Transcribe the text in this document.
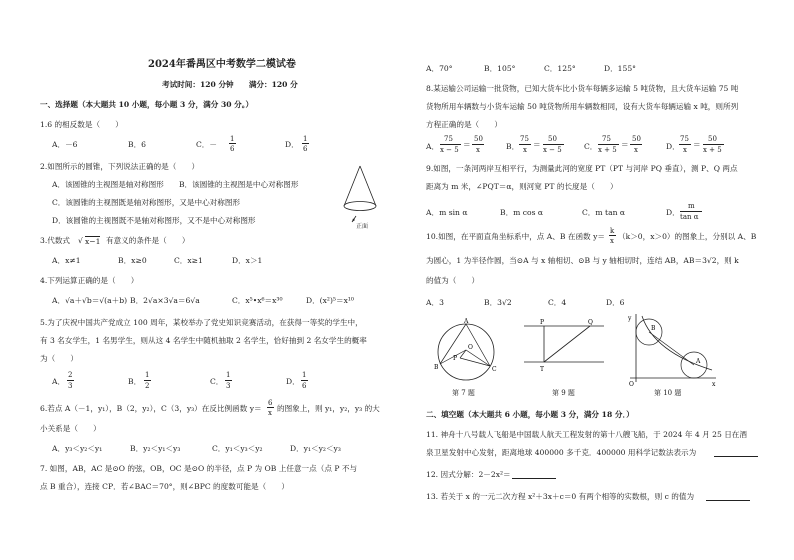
2024年番禺区中考数学二模试卷
考试时间：120 分钟　　满分：120 分
一、选择题（本大题共 10 小题，每小题 3 分，满分 30 分。）
1.6 的相反数是（　　）
A．－6	B．6	C．－
1
6	D．
1
6
2.如图所示的圆锥，下列说法正确的是（　　）
A．该圆锥的主视图是轴对称图形　　B．该圆锥的主视图是中心对称图形
C．该圆锥的主视图既是轴对称图形，又是中心对称图形
D．该圆锥的主视图既不是轴对称图形，又不是中心对称图形
正面
3.代数式 √ x−1 有意义的条件是（　　）
A．x≠1	B．x≥0	C．x≥1	D．x＞1
4.下列运算正确的是（　　）
A．√a＋√b＝√(a＋b) B．2√a×3√a＝6√a	C．x⁵•x⁶＝x³⁰	D．(x²)⁵＝x¹⁰
5.为了庆祝中国共产党成立 100 周年，某校举办了党史知识竞赛活动，在获得一等奖的学生中，
有 3 名女学生，1 名男学生，则从这 4 名学生中随机抽取 2 名学生，恰好抽到 2 名女学生的概率
为（　　）
A．
2
3	B．
1
2	C．
1
3	D．
1
6
6.若点 A（－1，y₁），B（2，y₂），C（3，y₃）在反比例函数 y＝
6
x 的图象上，则 y₁，y₂，y₃ 的大
小关系是（　　）
A．y₃＜y₂＜y₁	B．y₂＜y₁＜y₃	C．y₁＜y₃＜y₂	D．y₁＜y₂＜y₃
7. 如图，AB，AC 是⊙O 的弦，OB，OC 是⊙O 的半径，点 P 为 OB 上任意一点（点 P 不与
点 B 重合），连接 CP．若∠BAC＝70°，则∠BPC 的度数可能是（　　）
A．70°	B．105°	C．125°	D．155°
8.某运输公司运输一批货物，已知大货车比小货车每辆多运输 5 吨货物，且大货车运输 75 吨
货物所用车辆数与小货车运输 50 吨货物所用车辆数相同，设有大货车每辆运输 x 吨，则所列
方程正确的是（　　）
A．
75
x − 5
＝
50
x	B．
75
x
＝
50
x − 5	C．
75
x + 5
＝
50
x	D．
75
x
＝
50
x + 5
9.如图，一条河两岸互相平行，为测量此河的宽度 PT（PT 与河岸 PQ 垂直），测 P、Q 两点
距离为 m 米，∠PQT＝α，则河宽 PT 的长度是（　　）
A．m sin α	B．m cos α	C．m tan α	D．
m
tan α
10.如图，在平面直角坐标系中，点 A、B 在函数 y＝
k
x （k＞0，x＞0）的图象上，分别以 A、B
为圆心，1 为半径作圆，当⊙A 与 x 轴相切、⊙B 与 y 轴相切时，连结 AB，AB＝3√2，则 k
的值为（　　）
A．3	B．3√2	C．4	D．6
A
B	C
O
P
第 7 题
P	Q
T
第 9 题
O	x
y
B
A
第 10 题
二、填空题（本大题共 6 小题，每小题 3 分，满分 18 分．）
11. 神舟十八号载人飞船是中国载人航天工程发射的第十八艘飞船，于 2024 年 4 月 25 日在酒
泉卫星发射中心发射，距离地球 400000 多千克．400000 用科学记数法表示为
12. 因式分解：2－2x²＝
13. 若关于 x 的一元二次方程 x²＋3x＋c＝0 有两个相等的实数根，则 c 的值为
